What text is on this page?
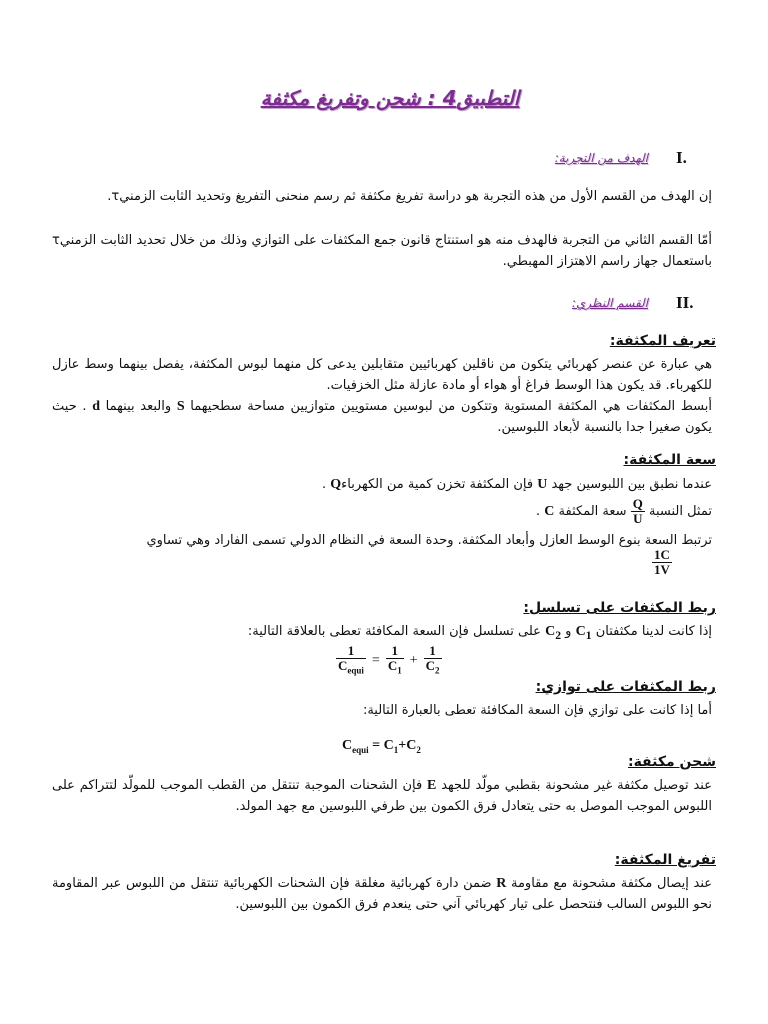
التطبيق4 : شحن وتفريغ مكثفة
I.
الهدف من التجربة:
إن الهدف من القسم الأول من هذه التجربة هو دراسة تفريغ مكثفة ثم رسم منحنى التفريغ وتحديد الثابت الزمنيτ.
أمّا القسم الثاني من التجربة فالهدف منه هو استنتاج قانون جمع المكثفات على التوازي وذلك من خلال تحديد الثابت الزمنيτ باستعمال جهاز راسم الاهتزاز المهبطي.
II.
القسم النظري:
تعريف المكثفة:
هي عبارة عن عنصر كهربائي يتكون من ناقلين كهربائيين متقابلين يدعى كل منهما لبوس المكثفة، يفصل بينهما وسط عازل للكهرباء. قد يكون هذا الوسط فراغ أو هواء أو مادة عازلة مثل الخزفيات.
أبسط المكثفات هي المكثفة المستوية وتتكون من لبوسين مستويين متوازيين مساحة سطحيهما S والبعد بينهما d . حيث يكون صغيرا جدا بالنسبة لأبعاد اللبوسين.
سعة المكثفة:
عندما نطبق بين اللبوسين جهد U فإن المكثفة تخزن كمية من الكهرباءQ .
تمثل النسبة
$\frac{Q}{U}$
سعة المكثفة C .
ترتبط السعة بنوع الوسط العازل وأبعاد المكثفة. وحدة السعة في النظام الدولي تسمى الفاراد وهي تساوي
$\frac{1C}{1V}$
ربط المكثفات على تسلسل:
إذا كانت لدينا مكثفتان $C_1$ و $C_2$ على تسلسل فإن السعة المكافئة تعطى بالعلاقة التالية:
$\frac{1}{C_{equi}} = \frac{1}{C_1} + \frac{1}{C_2}$
ربط المكثفات على توازي:
أما إذا كانت على توازي فإن السعة المكافئة تعطى بالعبارة التالية:
$C_{equi} = C_1+C_2$
شحن مكثفة:
عند توصيل مكثفة غير مشحونة بقطبي مولّد للجهد E فإن الشحنات الموجبة تنتقل من القطب الموجب للمولّد لتتراكم على اللبوس الموجب الموصل به حتى يتعادل فرق الكمون بين طرفي اللبوسين مع جهد المولد.
تفريغ المكثفة:
عند إيصال مكثفة مشحونة مع مقاومة R ضمن دارة كهربائية مغلقة فإن الشحنات الكهربائية تنتقل من اللبوس عبر المقاومة نحو اللبوس السالب فنتحصل على تيار كهربائي آني حتى ينعدم فرق الكمون بين اللبوسين.
